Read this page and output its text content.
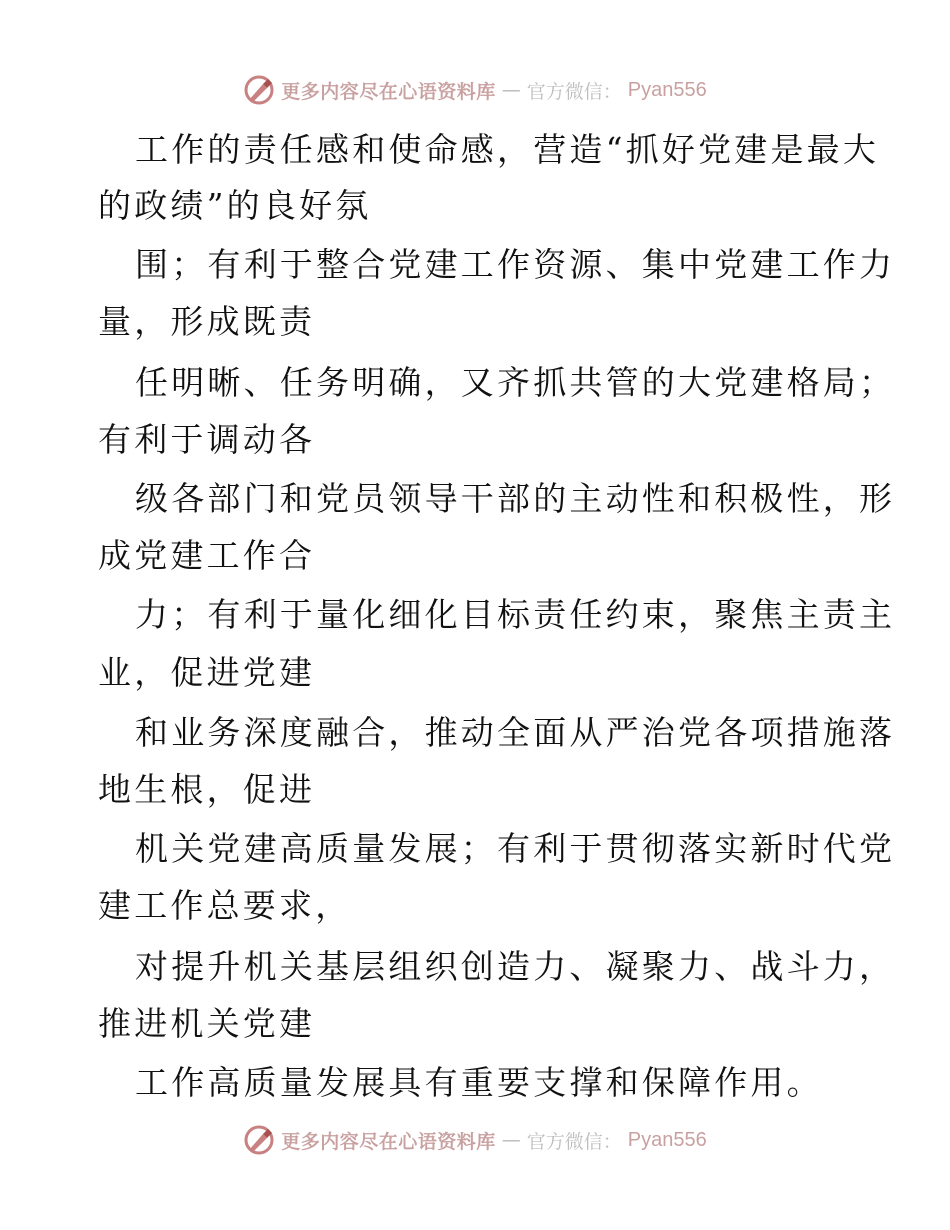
更多内容尽在心语资料库 — 官方微信： Pyan556
工作的责任感和使命感，营造“抓好党建是最大
的政绩”的良好氛
围；有利于整合党建工作资源、集中党建工作力
量，形成既责
任明晰、任务明确，又齐抓共管的大党建格局；
有利于调动各
级各部门和党员领导干部的主动性和积极性，形
成党建工作合
力；有利于量化细化目标责任约束，聚焦主责主
业，促进党建
和业务深度融合，推动全面从严治党各项措施落
地生根，促进
机关党建高质量发展；有利于贯彻落实新时代党
建工作总要求，
对提升机关基层组织创造力、凝聚力、战斗力，
推进机关党建
工作高质量发展具有重要支撑和保障作用。
更多内容尽在心语资料库 — 官方微信： Pyan556
